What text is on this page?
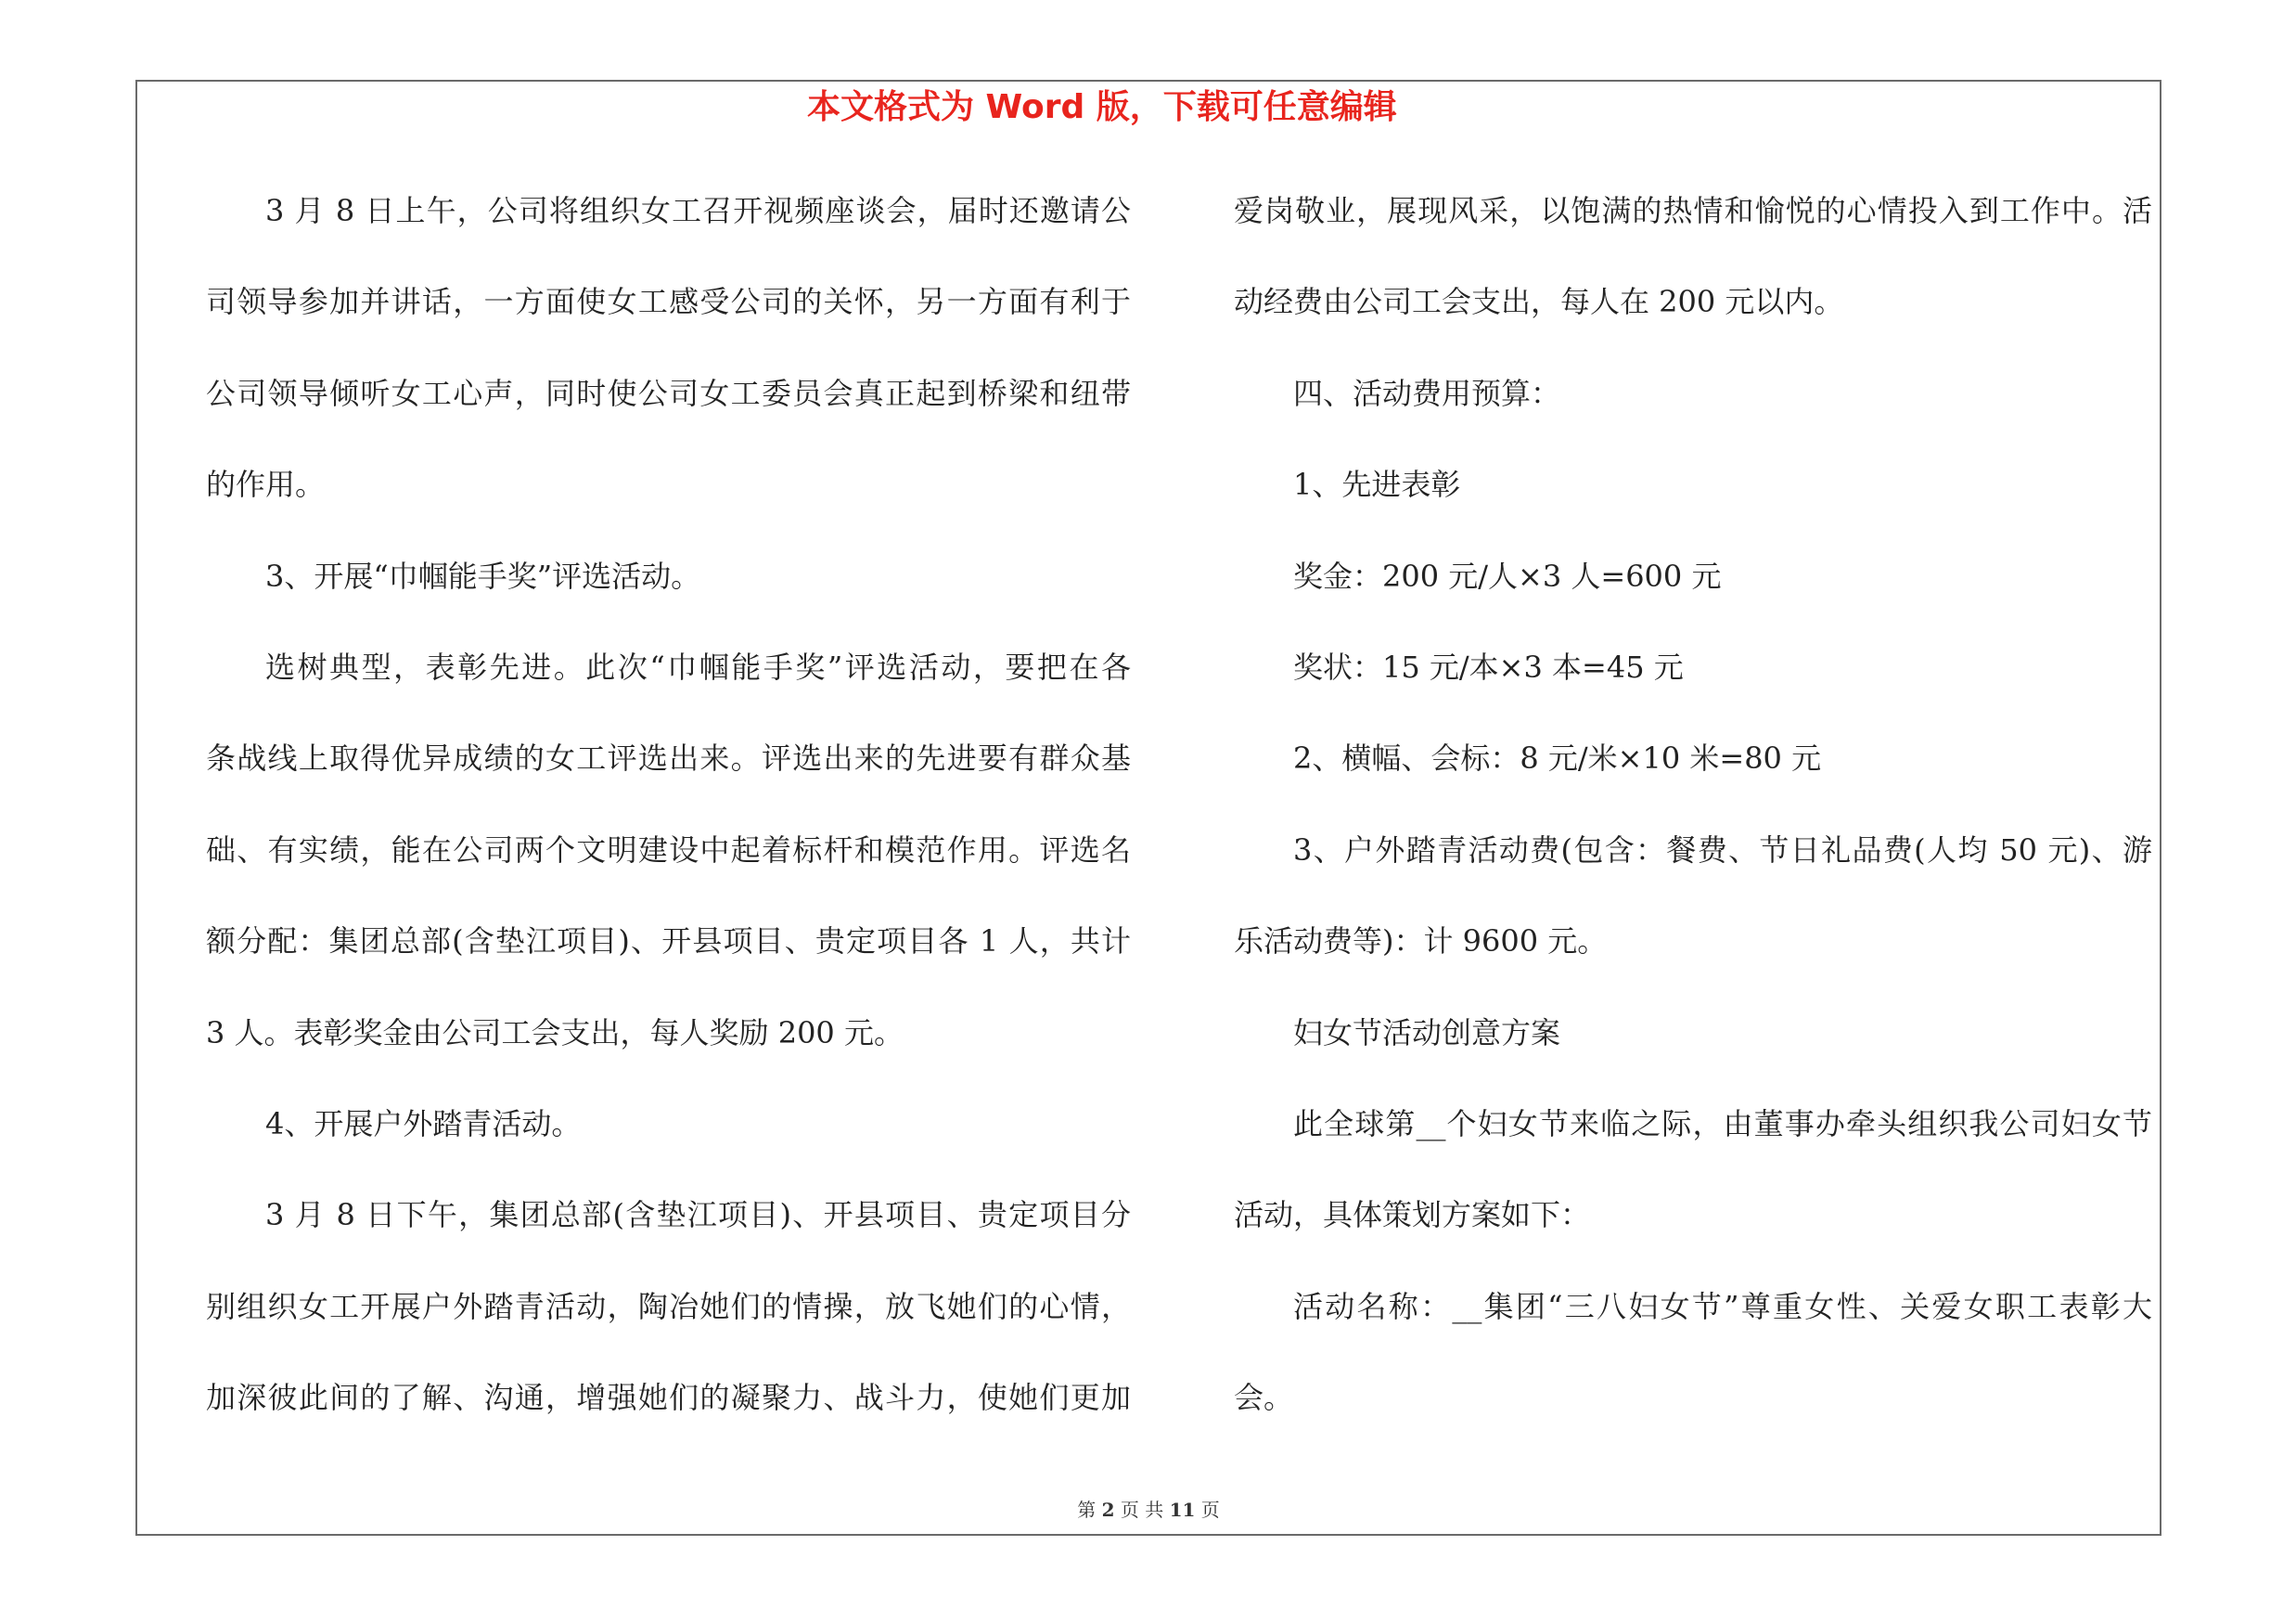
本文格式为 Word 版，下载可任意编辑
3 月 8 日上午，公司将组织女工召开视频座谈会，届时还邀请公
司领导参加并讲话，一方面使女工感受公司的关怀，另一方面有利于
公司领导倾听女工心声，同时使公司女工委员会真正起到桥梁和纽带
的作用。
3、开展“巾帼能手奖”评选活动。
选树典型，表彰先进。此次“巾帼能手奖”评选活动，要把在各
条战线上取得优异成绩的女工评选出来。评选出来的先进要有群众基
础、有实绩，能在公司两个文明建设中起着标杆和模范作用。评选名
额分配：集团总部(含垫江项目)、开县项目、贵定项目各 1 人，共计
3 人。表彰奖金由公司工会支出，每人奖励 200 元。
4、开展户外踏青活动。
3 月 8 日下午，集团总部(含垫江项目)、开县项目、贵定项目分
别组织女工开展户外踏青活动，陶冶她们的情操，放飞她们的心情，
加深彼此间的了解、沟通，增强她们的凝聚力、战斗力，使她们更加
爱岗敬业，展现风采，以饱满的热情和愉悦的心情投入到工作中。活
动经费由公司工会支出，每人在 200 元以内。
四、活动费用预算：
1、先进表彰
奖金：200 元/人×3 人=600 元
奖状：15 元/本×3 本=45 元
2、横幅、会标：8 元/米×10 米=80 元
3、户外踏青活动费(包含：餐费、节日礼品费(人均 50 元)、游
乐活动费等)：计 9600 元。
妇女节活动创意方案
此全球第__个妇女节来临之际，由董事办牵头组织我公司妇女节
活动，具体策划方案如下：
活动名称：__集团“三八妇女节”尊重女性、关爱女职工表彰大
会。
第 2 页 共 11 页
